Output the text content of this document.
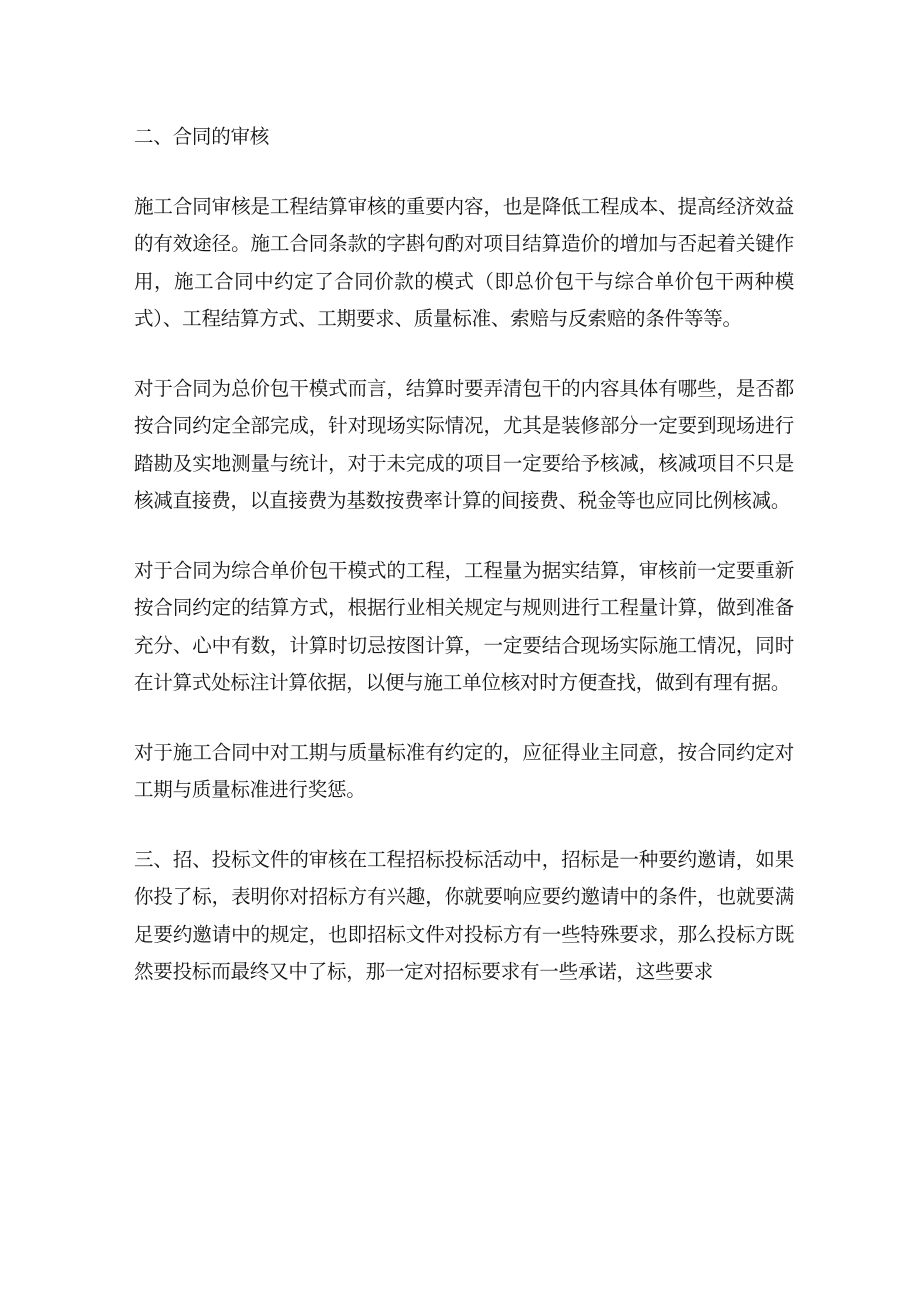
二、合同的审核

施工合同审核是工程结算审核的重要内容，也是降低工程成本、提高经济效益的有效途径。施工合同条款的字斟句酌对项目结算造价的增加与否起着关键作用，施工合同中约定了合同价款的模式（即总价包干与综合单价包干两种模式）、工程结算方式、工期要求、质量标准、索赔与反索赔的条件等等。

对于合同为总价包干模式而言，结算时要弄清包干的内容具体有哪些，是否都按合同约定全部完成，针对现场实际情况，尤其是装修部分一定要到现场进行踏勘及实地测量与统计，对于未完成的项目一定要给予核减，核减项目不只是核减直接费，以直接费为基数按费率计算的间接费、税金等也应同比例核减。

对于合同为综合单价包干模式的工程，工程量为据实结算，审核前一定要重新按合同约定的结算方式，根据行业相关规定与规则进行工程量计算，做到准备充分、心中有数，计算时切忌按图计算，一定要结合现场实际施工情况，同时在计算式处标注计算依据，以便与施工单位核对时方便查找，做到有理有据。

对于施工合同中对工期与质量标准有约定的，应征得业主同意，按合同约定对工期与质量标准进行奖惩。

三、招、投标文件的审核在工程招标投标活动中，招标是一种要约邀请，如果你投了标，表明你对招标方有兴趣，你就要响应要约邀请中的条件，也就要满足要约邀请中的规定，也即招标文件对投标方有一些特殊要求，那么投标方既然要投标而最终又中了标，那一定对招标要求有一些承诺，这些要求
